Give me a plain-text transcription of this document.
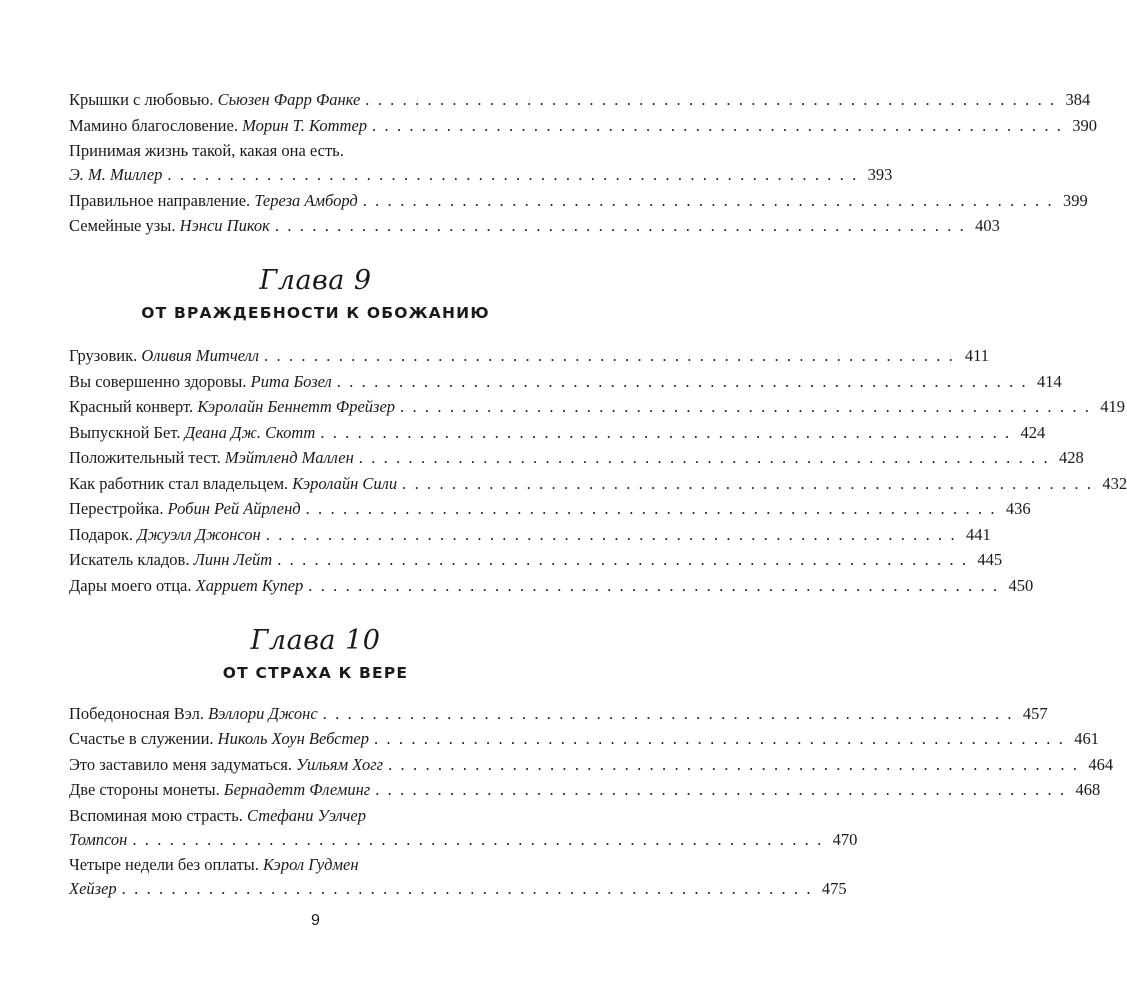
Крышки с любовью. Сьюзен Фарр Фанке . . .	384
Мамино благословение. Морин Т. Коттер . . .	390
Принимая жизнь такой, какая она есть.
Э. М. Миллер . . .	393
Правильное направление. Тереза Амборд . . .	399
Семейные узы. Нэнси Пикок . . .	403
Глава 9
ОТ ВРАЖДЕБНОСТИ К ОБОЖАНИЮ
Грузовик. Оливия Митчелл . . .	411
Вы совершенно здоровы. Рита Бозел . . .	414
Красный конверт. Кэролайн Беннетт Фрейзер . . .	419
Выпускной Бет. Деана Дж. Скотт . . .	424
Положительный тест. Мэйтленд Маллен . . .	428
Как работник стал владельцем. Кэролайн Сили . . .	432
Перестройка. Робин Рей Айрленд . . .	436
Подарок. Джуэлл Джонсон . . .	441
Искатель кладов. Линн Лейт . . .	445
Дары моего отца. Харриет Купер . . .	450
Глава 10
ОТ СТРАХА К ВЕРЕ
Победоносная Вэл. Вэллори Джонс . . .	457
Счастье в служении. Николь Хоун Вебстер . . .	461
Это заставило меня задуматься. Уильям Хогг . . .	464
Две стороны монеты. Бернадетт Флеминг . . .	468
Вспоминая мою страсть. Стефани Уэлчер
Томпсон . . .	470
Четыре недели без оплаты. Кэрол Гудмен
Хейзер . . .	475
9
